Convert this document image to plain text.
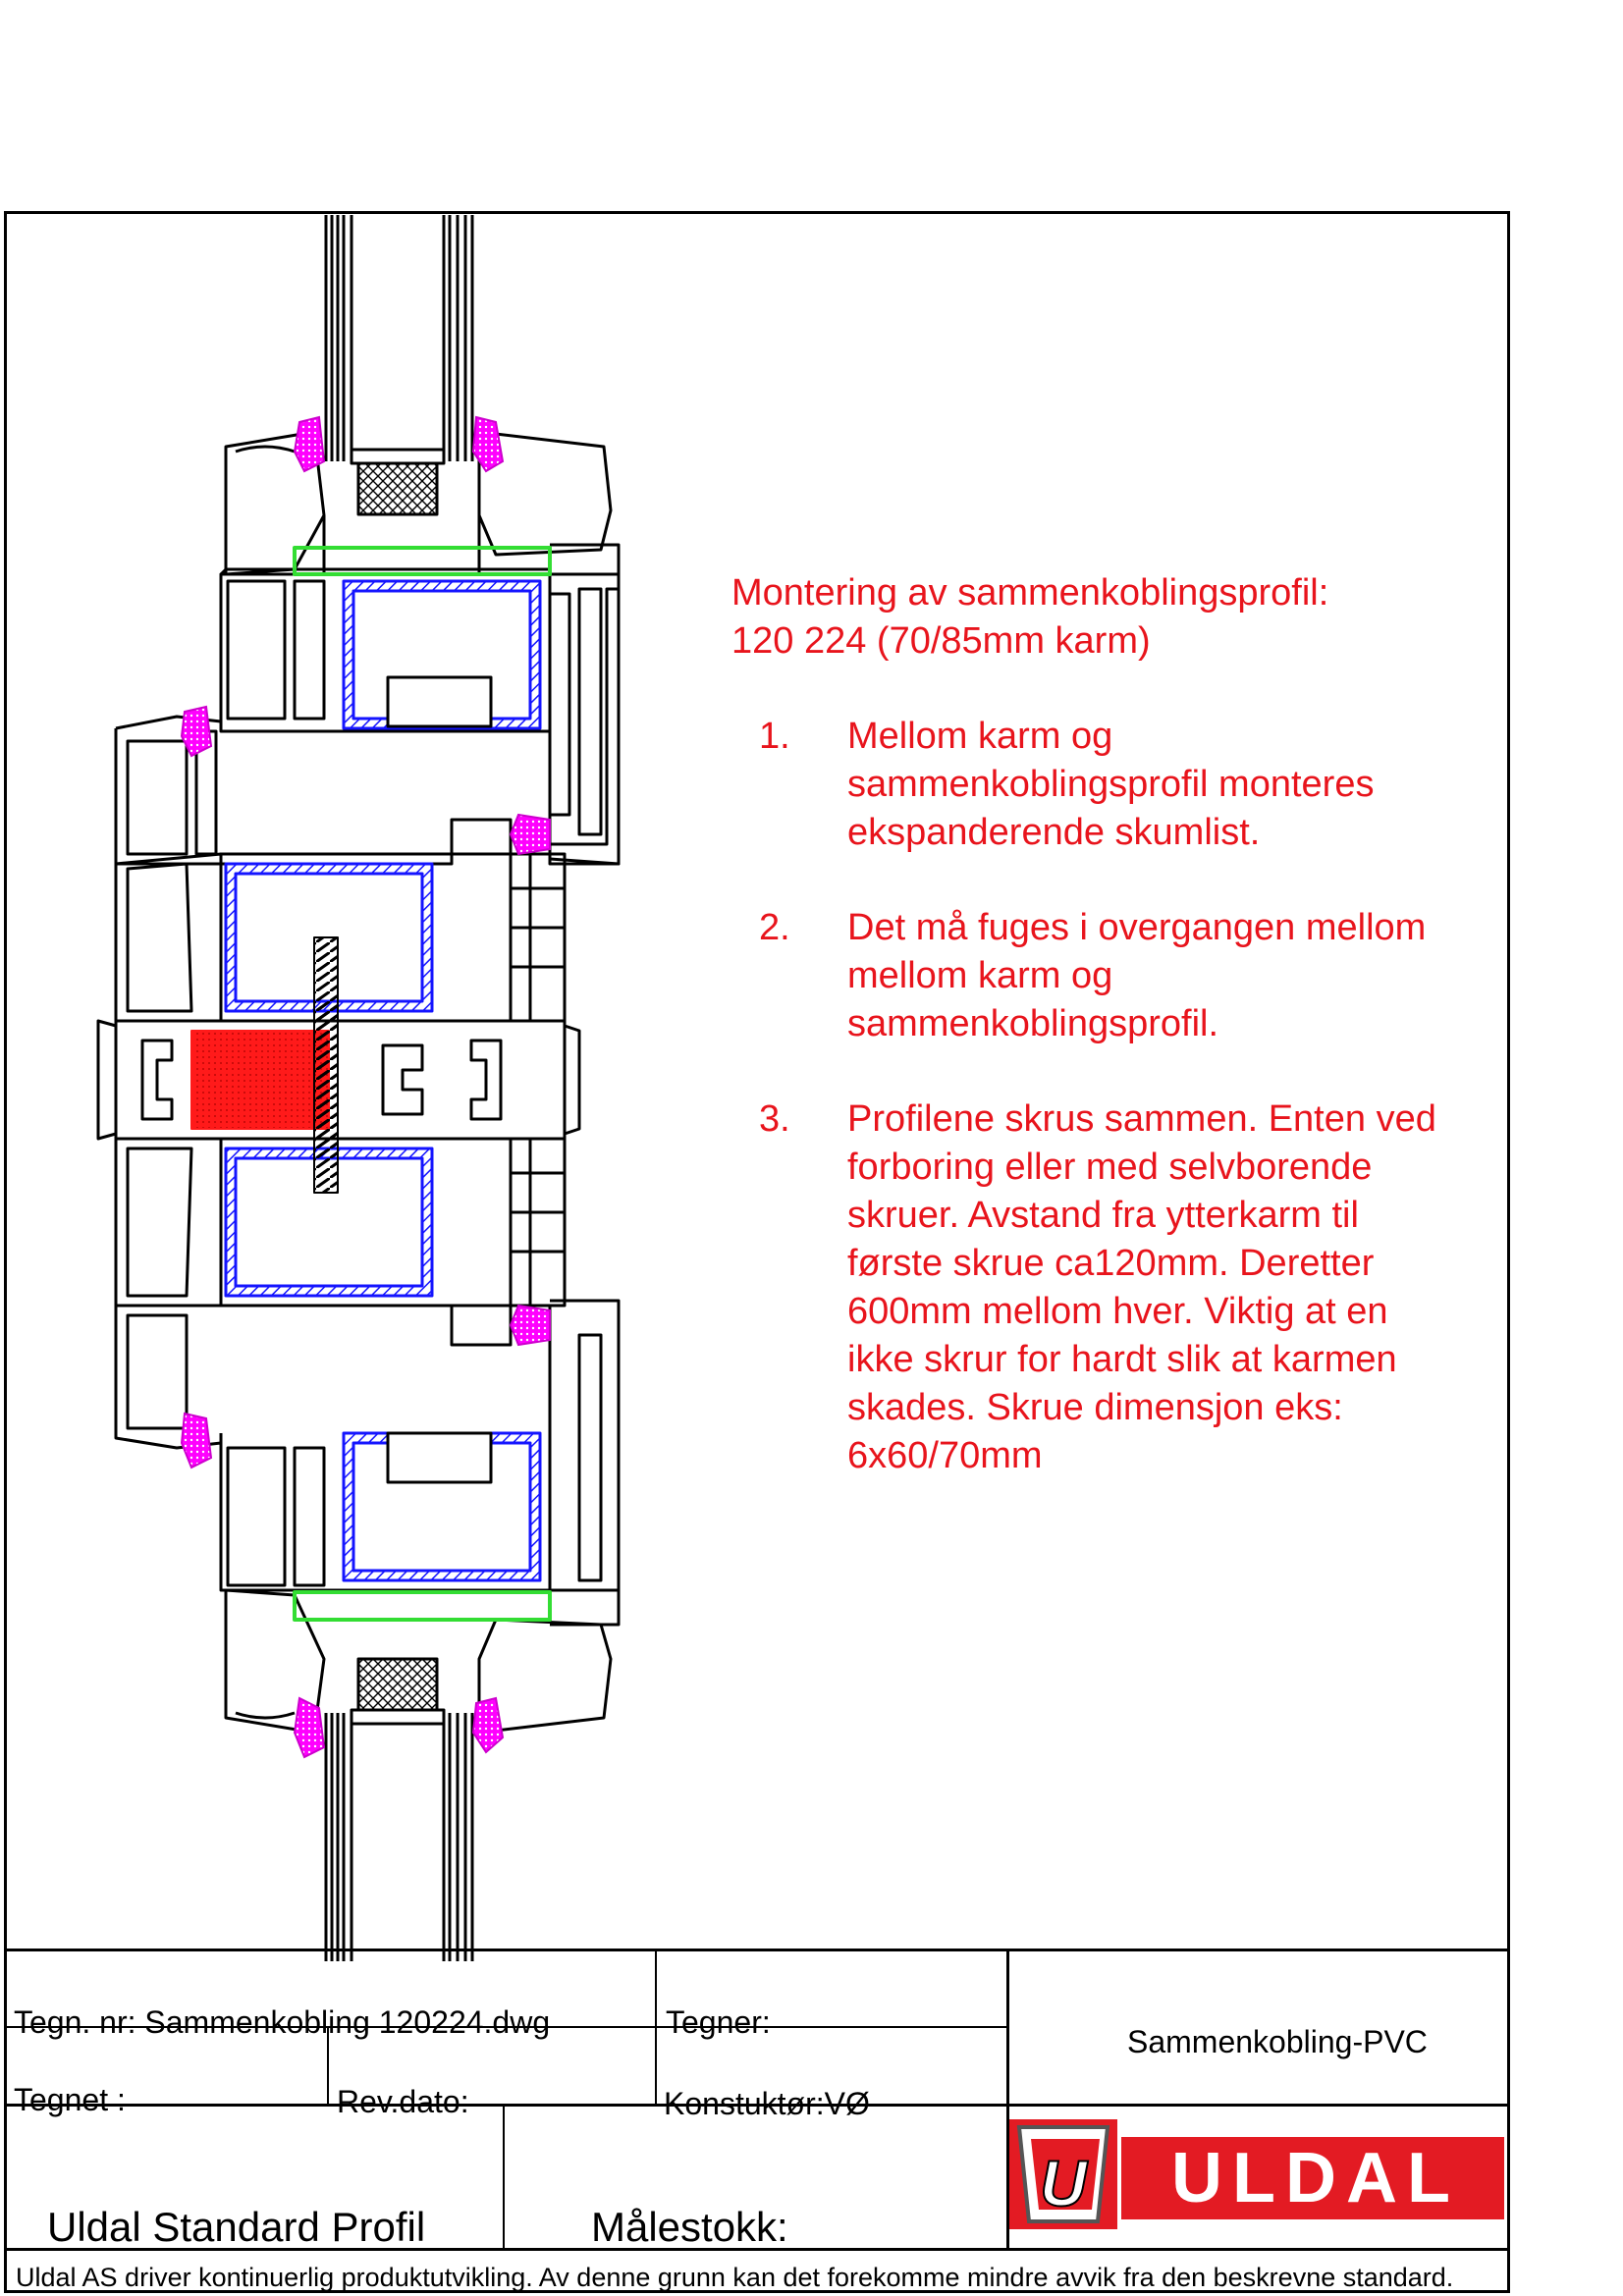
Montering av sammenkoblingsprofil:
120 224 (70/85mm karm)
1. Mellom karm og sammenkoblingsprofil monteres ekspanderende skumlist.
2. Det må fuges i overgangen mellom mellom karm og sammenkoblingsprofil.
3. Profilene skrus sammen. Enten ved forboring eller med selvborende skruer. Avstand fra ytterkarm til første skrue ca120mm. Deretter 600mm mellom hver. Viktig at en ikke skrur for hardt slik at karmen skades. Skrue dimensjon eks: 6x60/70mm
Tegn. nr: Sammenkobling 120224.dwg	Tegner:
Tegnet :	Rev.dato:	Konstuktør:VØ
Sammenkobling-PVC
Uldal Standard Profil	Målestokk:
U ULDAL
Uldal AS driver kontinuerlig produktutvikling. Av denne grunn kan det forekomme mindre avvik fra den beskrevne standard.
